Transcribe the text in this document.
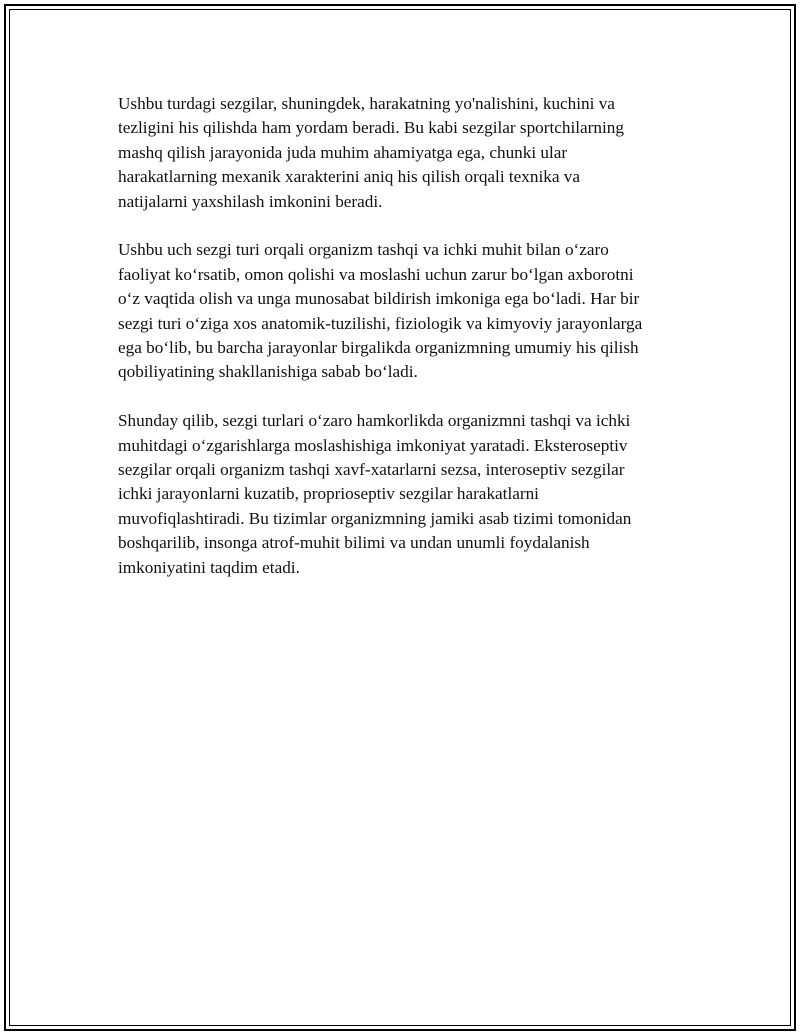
Ushbu turdagi sezgilar, shuningdek, harakatning yo'nalishini, kuchini va
tezligini his qilishda ham yordam beradi. Bu kabi sezgilar sportchilarning
mashq qilish jarayonida juda muhim ahamiyatga ega, chunki ular
harakatlarning mexanik xarakterini aniq his qilish orqali texnika va
natijalarni yaxshilash imkonini beradi.

Ushbu uch sezgi turi orqali organizm tashqi va ichki muhit bilan o‘zaro
faoliyat ko‘rsatib, omon qolishi va moslashi uchun zarur bo‘lgan axborotni
o‘z vaqtida olish va unga munosabat bildirish imkoniga ega bo‘ladi. Har bir
sezgi turi o‘ziga xos anatomik-tuzilishi, fiziologik va kimyoviy jarayonlarga
ega bo‘lib, bu barcha jarayonlar birgalikda organizmning umumiy his qilish
qobiliyatining shakllanishiga sabab bo‘ladi.

Shunday qilib, sezgi turlari o‘zaro hamkorlikda organizmni tashqi va ichki
muhitdagi o‘zgarishlarga moslashishiga imkoniyat yaratadi. Eksteroseptiv
sezgilar orqali organizm tashqi xavf-xatarlarni sezsa, interoseptiv sezgilar
ichki jarayonlarni kuzatib, proprioseptiv sezgilar harakatlarni
muvofiqlashtiradi. Bu tizimlar organizmning jamiki asab tizimi tomonidan
boshqarilib, insonga atrof-muhit bilimi va undan unumli foydalanish
imkoniyatini taqdim etadi.
